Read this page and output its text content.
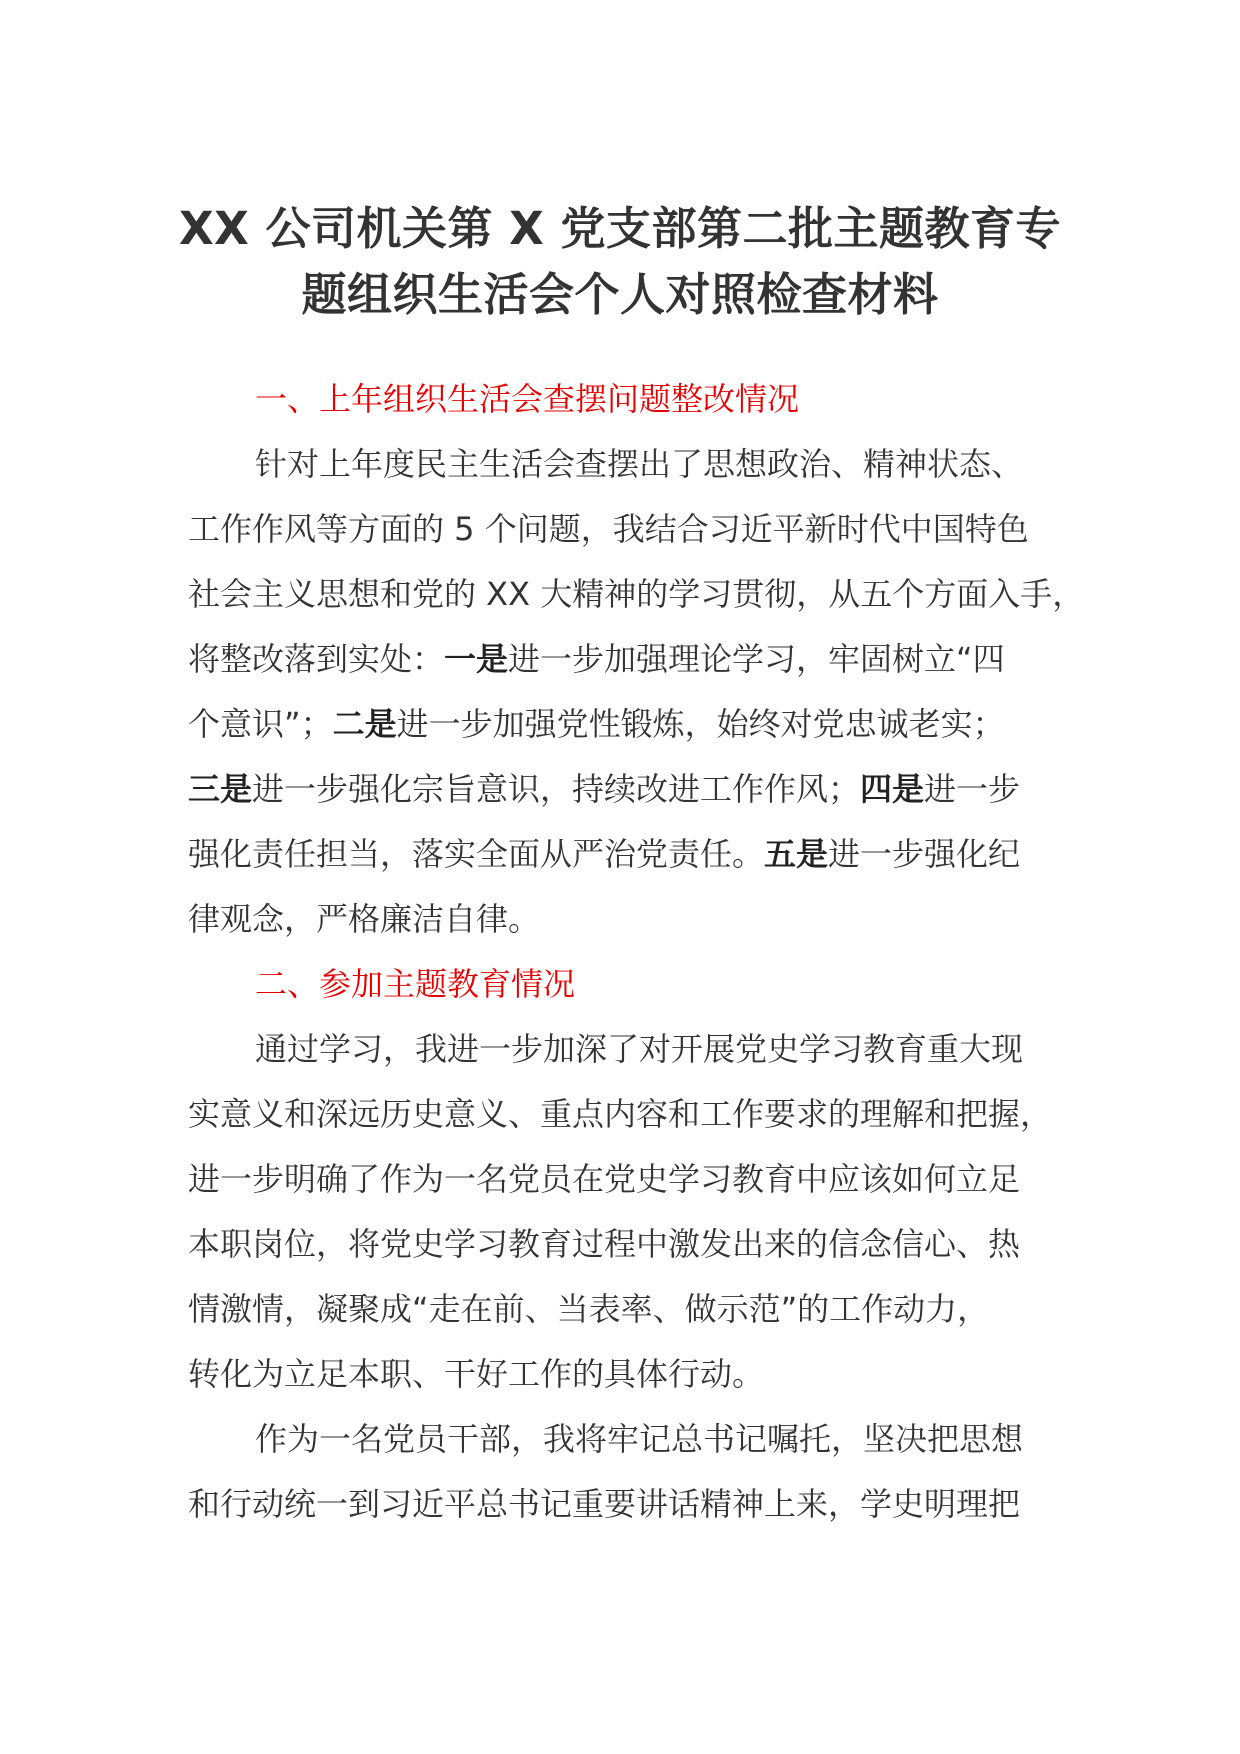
XX 公司机关第 X 党支部第二批主题教育专
题组织生活会个人对照检查材料
一、上年组织生活会查摆问题整改情况
针对上年度民主生活会查摆出了思想政治、精神状态、
工作作风等方面的 5 个问题，我结合习近平新时代中国特色
社会主义思想和党的 XX 大精神的学习贯彻，从五个方面入手，
将整改落到实处：一是进一步加强理论学习，牢固树立“四
个意识”；二是进一步加强党性锻炼，始终对党忠诚老实；
三是进一步强化宗旨意识，持续改进工作作风；四是进一步
强化责任担当，落实全面从严治党责任。五是进一步强化纪
律观念，严格廉洁自律。
二、参加主题教育情况
通过学习，我进一步加深了对开展党史学习教育重大现
实意义和深远历史意义、重点内容和工作要求的理解和把握，
进一步明确了作为一名党员在党史学习教育中应该如何立足
本职岗位，将党史学习教育过程中激发出来的信念信心、热
情激情，凝聚成“走在前、当表率、做示范”的工作动力，
转化为立足本职、干好工作的具体行动。
作为一名党员干部，我将牢记总书记嘱托，坚决把思想
和行动统一到习近平总书记重要讲话精神上来，学史明理把
